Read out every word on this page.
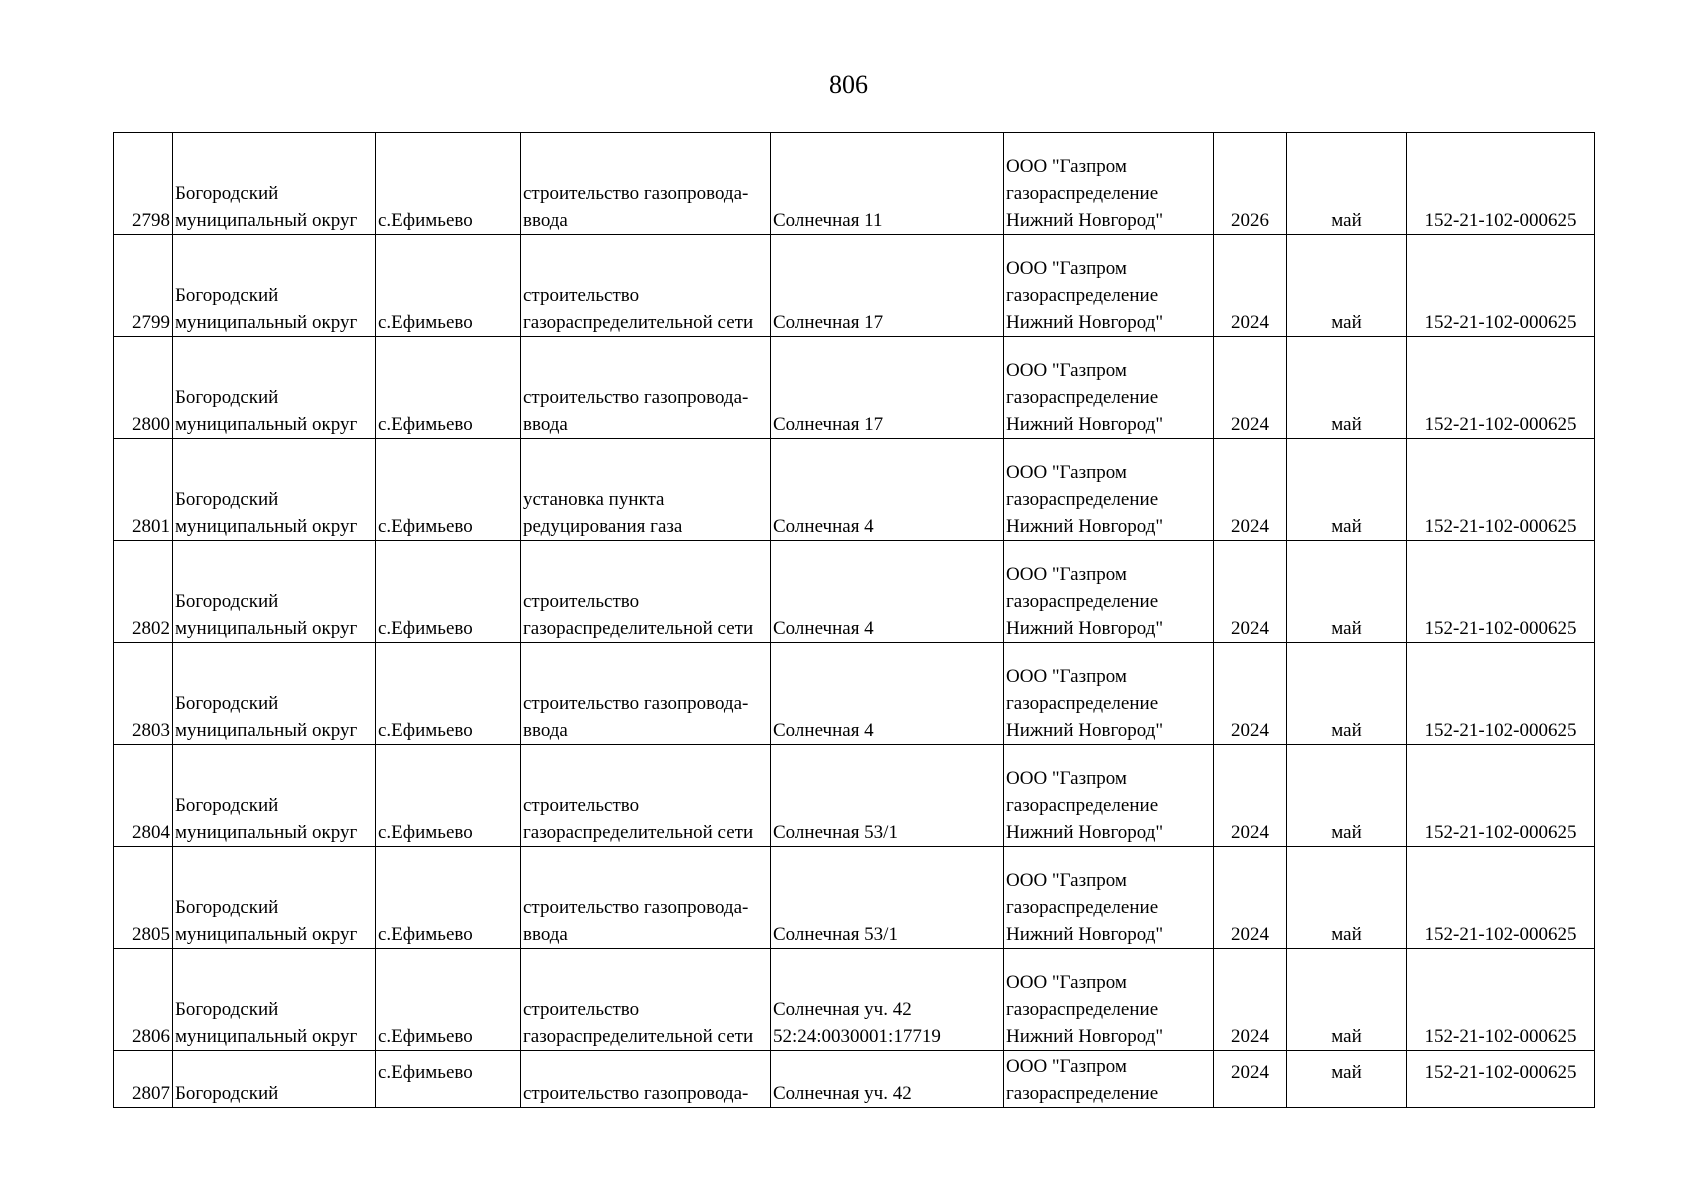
806
2798	Богородский
муниципальный округ	с.Ефимьево	строительство газопровода-
ввода	Солнечная 11	ООО "Газпром
газораспределение
Нижний Новгород"	2026	май	152-21-102-000625
2799	Богородский
муниципальный округ	с.Ефимьево	строительство
газораспределительной сети	Солнечная 17	ООО "Газпром
газораспределение
Нижний Новгород"	2024	май	152-21-102-000625
2800	Богородский
муниципальный округ	с.Ефимьево	строительство газопровода-
ввода	Солнечная 17	ООО "Газпром
газораспределение
Нижний Новгород"	2024	май	152-21-102-000625
2801	Богородский
муниципальный округ	с.Ефимьево	установка пункта
редуцирования газа	Солнечная 4	ООО "Газпром
газораспределение
Нижний Новгород"	2024	май	152-21-102-000625
2802	Богородский
муниципальный округ	с.Ефимьево	строительство
газораспределительной сети	Солнечная 4	ООО "Газпром
газораспределение
Нижний Новгород"	2024	май	152-21-102-000625
2803	Богородский
муниципальный округ	с.Ефимьево	строительство газопровода-
ввода	Солнечная 4	ООО "Газпром
газораспределение
Нижний Новгород"	2024	май	152-21-102-000625
2804	Богородский
муниципальный округ	с.Ефимьево	строительство
газораспределительной сети	Солнечная 53/1	ООО "Газпром
газораспределение
Нижний Новгород"	2024	май	152-21-102-000625
2805	Богородский
муниципальный округ	с.Ефимьево	строительство газопровода-
ввода	Солнечная 53/1	ООО "Газпром
газораспределение
Нижний Новгород"	2024	май	152-21-102-000625
2806	Богородский
муниципальный округ	с.Ефимьево	строительство
газораспределительной сети	Солнечная уч. 42
52:24:0030001:17719	ООО "Газпром
газораспределение
Нижний Новгород"	2024	май	152-21-102-000625
2807	Богородский	с.Ефимьево	строительство газопровода-	Солнечная уч. 42	ООО "Газпром
газораспределение	2024	май	152-21-102-000625
